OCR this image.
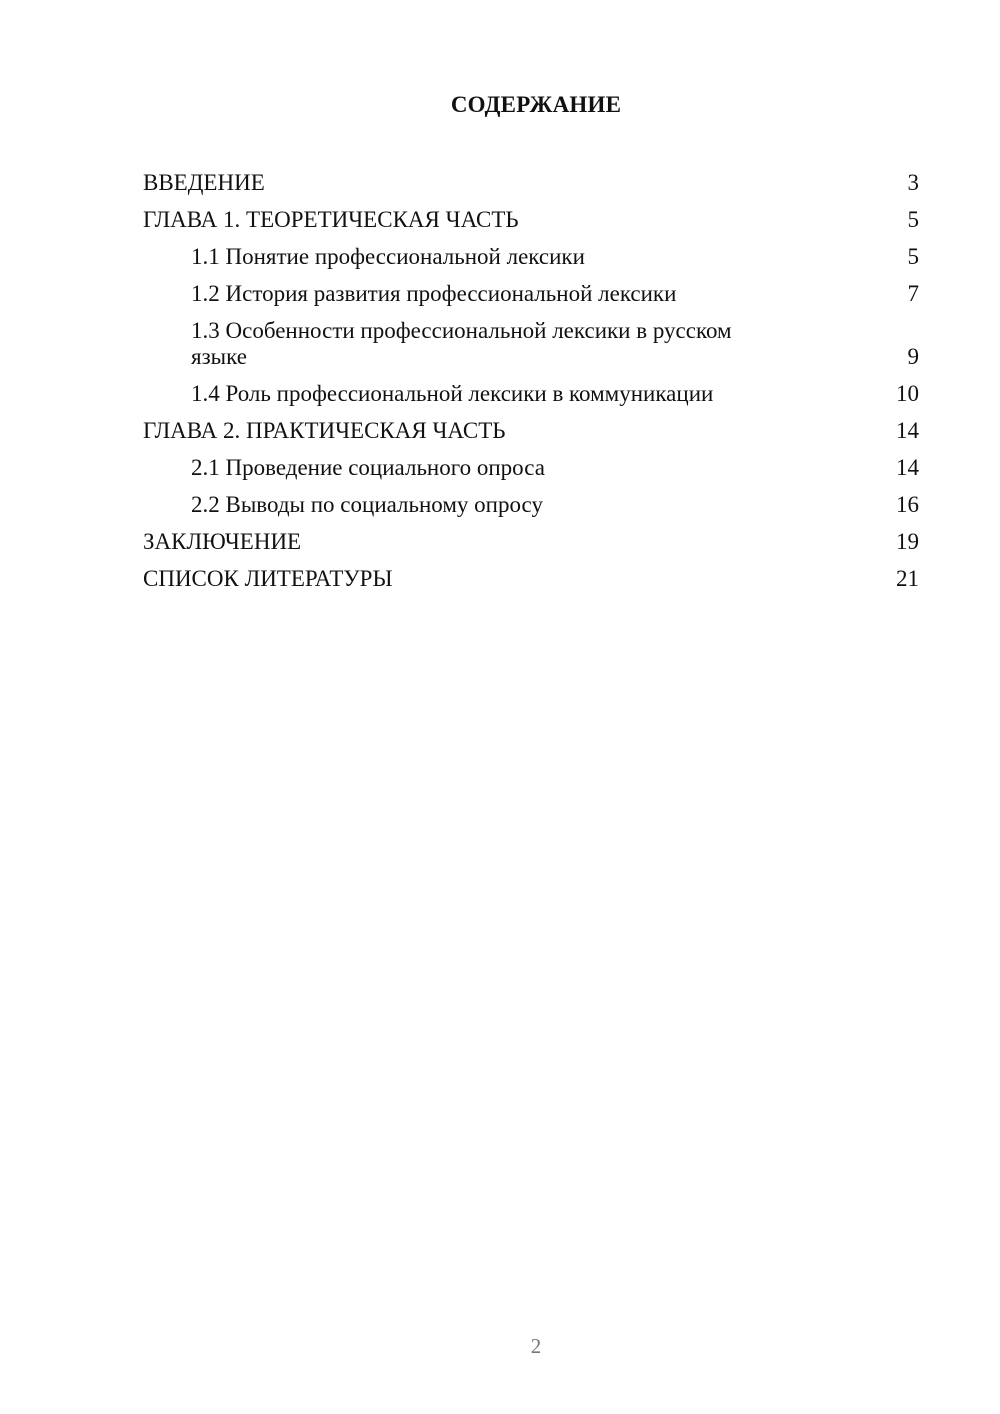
СОДЕРЖАНИЕ
ВВЕДЕНИЕ	3
ГЛАВА 1. ТЕОРЕТИЧЕСКАЯ ЧАСТЬ	5
1.1 Понятие профессиональной лексики	5
1.2 История развития профессиональной лексики	7
1.3 Особенности профессиональной лексики в русском языке	9
1.4 Роль профессиональной лексики в коммуникации	10
ГЛАВА 2. ПРАКТИЧЕСКАЯ ЧАСТЬ	14
2.1 Проведение социального опроса	14
2.2 Выводы по социальному опросу	16
ЗАКЛЮЧЕНИЕ	19
СПИСОК ЛИТЕРАТУРЫ	21
2
